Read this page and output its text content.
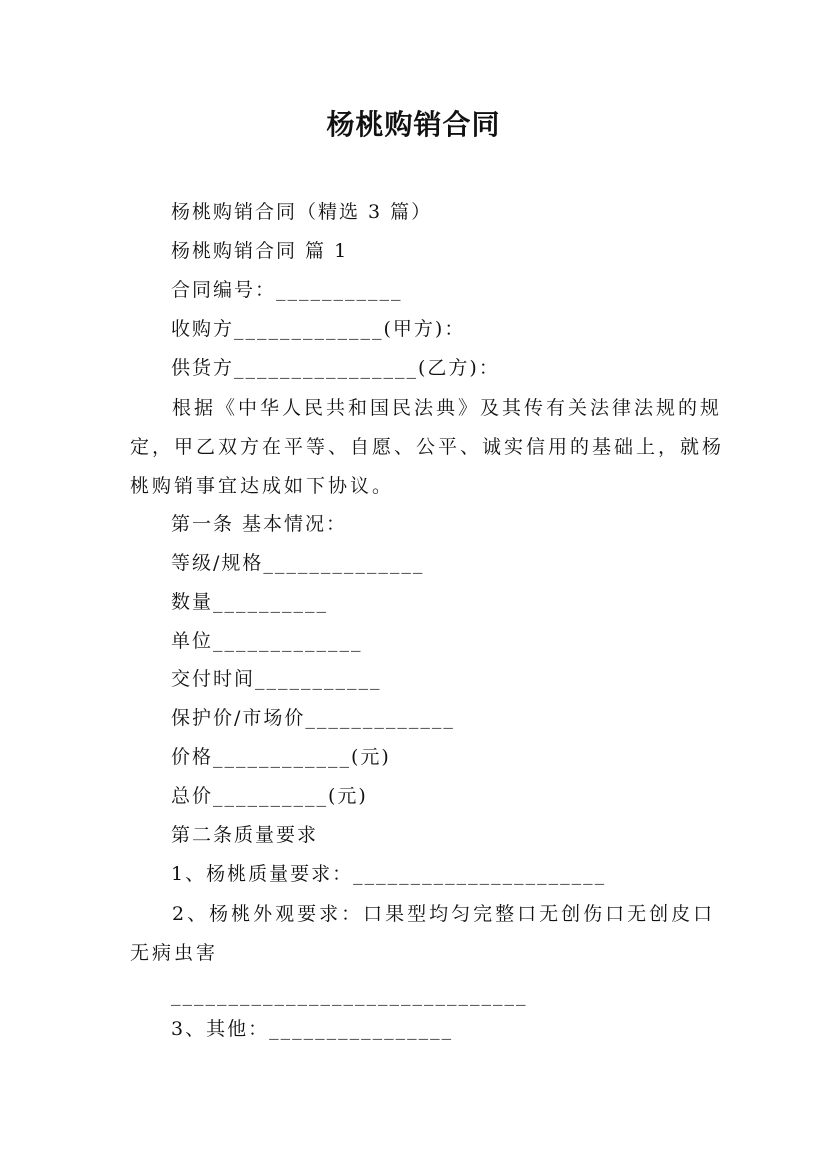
杨桃购销合同
杨桃购销合同（精选 3 篇）
杨桃购销合同 篇 1
合同编号：___________
收购方_____________(甲方)：
供货方________________(乙方)：
根据《中华人民共和国民法典》及其传有关法律法规的规定，甲乙双方在平等、自愿、公平、诚实信用的基础上，就杨桃购销事宜达成如下协议。
第一条 基本情况：
等级/规格______________
数量__________
单位_____________
交付时间___________
保护价/市场价_____________
价格____________(元)
总价__________(元)
第二条质量要求
1、杨桃质量要求：______________________
2、杨桃外观要求：口果型均匀完整口无创伤口无创皮口无病虫害
_______________________________
3、其他：________________
